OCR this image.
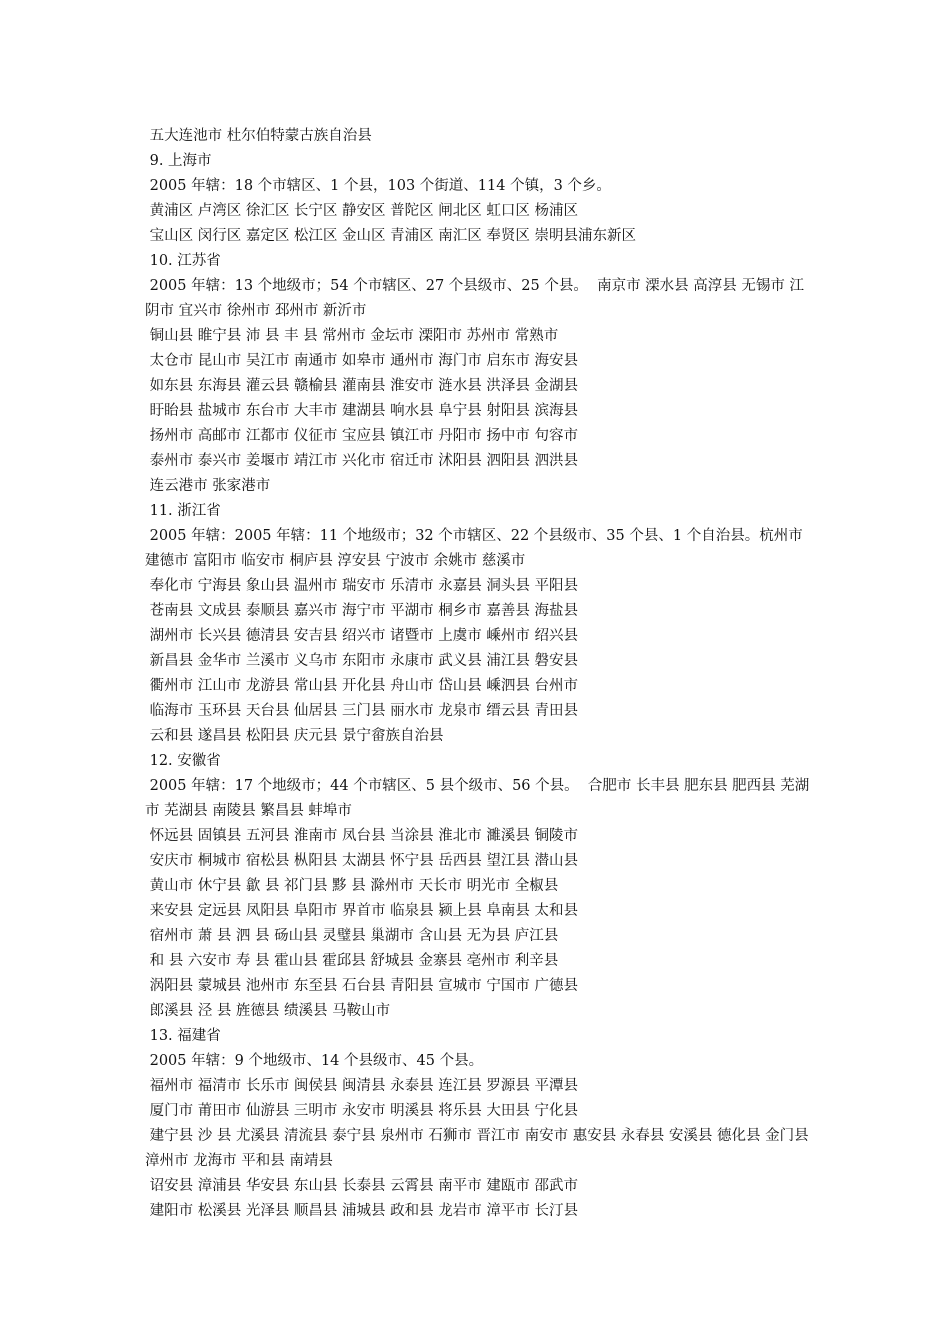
五大连池市 杜尔伯特蒙古族自治县

9. 上海市

2005 年辖：18 个市辖区、1 个县，103 个街道、114 个镇，3 个乡。

黄浦区 卢湾区 徐汇区 长宁区 静安区 普陀区 闸北区 虹口区 杨浦区

宝山区 闵行区 嘉定区 松江区 金山区 青浦区 南汇区 奉贤区 崇明县浦东新区

10. 江苏省

2005 年辖：13 个地级市；54 个市辖区、27 个县级市、25 个县。  南京市 溧水县 高淳县 无锡市 江阴市 宜兴市 徐州市 邳州市 新沂市

铜山县 睢宁县 沛 县 丰 县 常州市 金坛市 溧阳市 苏州市 常熟市

太仓市 昆山市 吴江市 南通市 如皋市 通州市 海门市 启东市 海安县

如东县 东海县 灌云县 赣榆县 灌南县 淮安市 涟水县 洪泽县 金湖县

盱眙县 盐城市 东台市 大丰市 建湖县 响水县 阜宁县 射阳县 滨海县

扬州市 高邮市 江都市 仪征市 宝应县 镇江市 丹阳市 扬中市 句容市

泰州市 泰兴市 姜堰市 靖江市 兴化市 宿迁市 沭阳县 泗阳县 泗洪县

连云港市 张家港市

11. 浙江省

2005 年辖：2005 年辖：11 个地级市；32 个市辖区、22 个县级市、35 个县、1 个自治县。杭州市 建德市 富阳市 临安市 桐庐县 淳安县 宁波市 余姚市 慈溪市

奉化市 宁海县 象山县 温州市 瑞安市 乐清市 永嘉县 洞头县 平阳县

苍南县 文成县 泰顺县 嘉兴市 海宁市 平湖市 桐乡市 嘉善县 海盐县

湖州市 长兴县 德清县 安吉县 绍兴市 诸暨市 上虞市 嵊州市 绍兴县

新昌县 金华市 兰溪市 义乌市 东阳市 永康市 武义县 浦江县 磐安县

衢州市 江山市 龙游县 常山县 开化县 舟山市 岱山县 嵊泗县 台州市

临海市 玉环县 天台县 仙居县 三门县 丽水市 龙泉市 缙云县 青田县

云和县 遂昌县 松阳县 庆元县 景宁畲族自治县

12. 安徽省

2005 年辖：17 个地级市；44 个市辖区、5 县个级市、56 个县。  合肥市 长丰县 肥东县 肥西县 芜湖市 芜湖县 南陵县 繁昌县 蚌埠市

怀远县 固镇县 五河县 淮南市 凤台县 当涂县 淮北市 濉溪县 铜陵市

安庆市 桐城市 宿松县 枞阳县 太湖县 怀宁县 岳西县 望江县 潜山县

黄山市 休宁县 歙 县 祁门县 黟 县 滁州市 天长市 明光市 全椒县

来安县 定远县 凤阳县 阜阳市 界首市 临泉县 颍上县 阜南县 太和县

宿州市 萧 县 泗 县 砀山县 灵璧县 巢湖市 含山县 无为县 庐江县

和 县 六安市 寿 县 霍山县 霍邱县 舒城县 金寨县 亳州市 利辛县

涡阳县 蒙城县 池州市 东至县 石台县 青阳县 宣城市 宁国市 广德县

郎溪县 泾 县 旌德县 绩溪县 马鞍山市

13. 福建省

2005 年辖：9 个地级市、14 个县级市、45 个县。

福州市 福清市 长乐市 闽侯县 闽清县 永泰县 连江县 罗源县 平潭县

厦门市 莆田市 仙游县 三明市 永安市 明溪县 将乐县 大田县 宁化县

建宁县 沙 县 尤溪县 清流县 泰宁县 泉州市 石狮市 晋江市 南安市 惠安县 永春县 安溪县 德化县 金门县 漳州市 龙海市 平和县 南靖县

诏安县 漳浦县 华安县 东山县 长泰县 云霄县 南平市 建瓯市 邵武市

建阳市 松溪县 光泽县 顺昌县 浦城县 政和县 龙岩市 漳平市 长汀县
